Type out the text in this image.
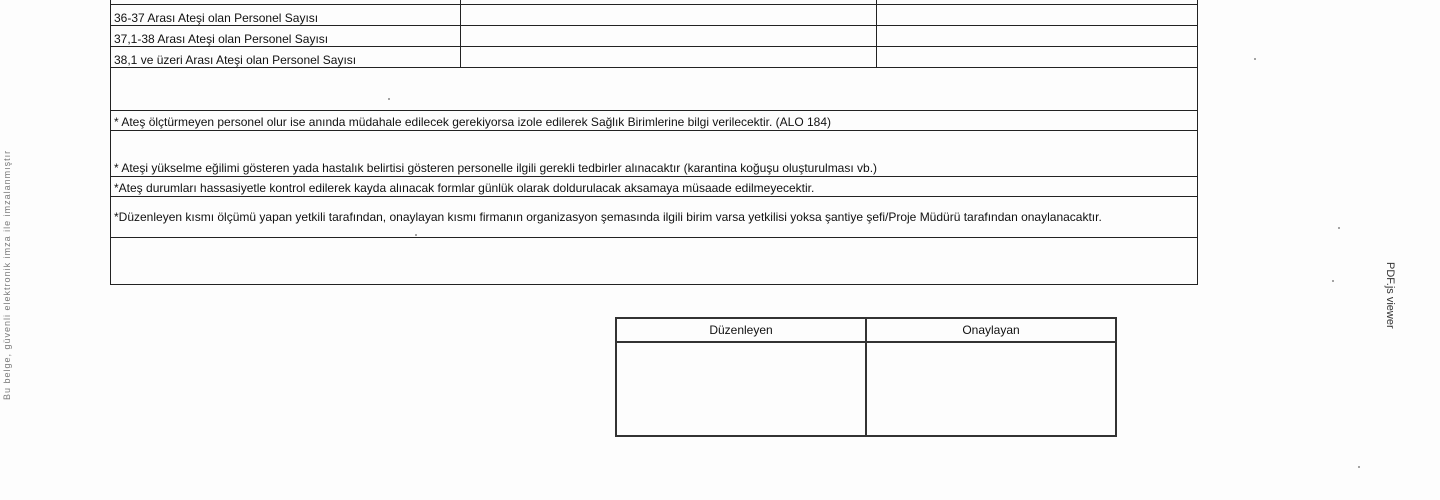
Bu belge, güvenli elektronik imza ile imzalanmıştır

36-37 Arası Ateşi olan Personel Sayısı		
37,1-38 Arası Ateşi olan Personel Sayısı		
38,1 ve üzeri Arası Ateşi olan Personel Sayısı		

* Ateş ölçtürmeyen personel olur ise anında müdahale edilecek gerekiyorsa izole edilerek Sağlık Birimlerine bilgi verilecektir. (ALO 184)		
* Ateşi yükselme eğilimi gösteren yada hastalık belirtisi gösteren personelle ilgili gerekli tedbirler alınacaktır (karantina koğuşu oluşturulması vb.)		
*Ateş durumları hassasiyetle kontrol edilerek kayda alınacak formlar günlük olarak doldurulacak aksamaya müsaade edilmeyecektir.		
*Düzenleyen kısmı ölçümü yapan yetkili tarafından, onaylayan kısmı firmanın organizasyon şemasında ilgili birim varsa yetkilisi yoksa şantiye şefi/Proje Müdürü tarafından onaylanacaktır.		

Düzenleyen	Onaylayan

PDF.js viewer
